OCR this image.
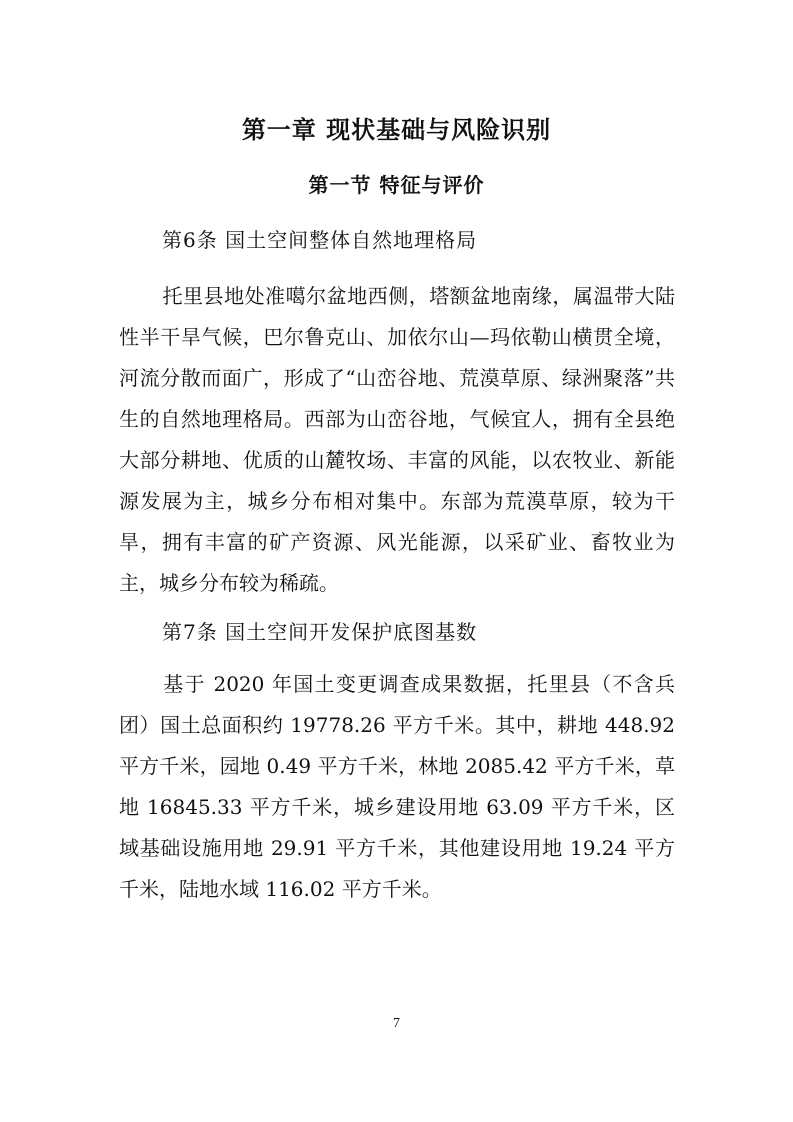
第一章 现状基础与风险识别
第一节 特征与评价

第6条 国土空间整体自然地理格局

托里县地处准噶尔盆地西侧，塔额盆地南缘，属温带大陆性半干旱气候，巴尔鲁克山、加依尔山—玛依勒山横贯全境，河流分散而面广，形成了“山峦谷地、荒漠草原、绿洲聚落”共生的自然地理格局。西部为山峦谷地，气候宜人，拥有全县绝大部分耕地、优质的山麓牧场、丰富的风能，以农牧业、新能源发展为主，城乡分布相对集中。东部为荒漠草原，较为干旱，拥有丰富的矿产资源、风光能源，以采矿业、畜牧业为主，城乡分布较为稀疏。

第7条 国土空间开发保护底图基数

基于 2020 年国土变更调查成果数据，托里县（不含兵团）国土总面积约 19778.26 平方千米。其中，耕地 448.92 平方千米，园地 0.49 平方千米，林地 2085.42 平方千米，草地 16845.33 平方千米，城乡建设用地 63.09 平方千米，区域基础设施用地 29.91 平方千米，其他建设用地 19.24 平方千米，陆地水域 116.02 平方千米。

7
